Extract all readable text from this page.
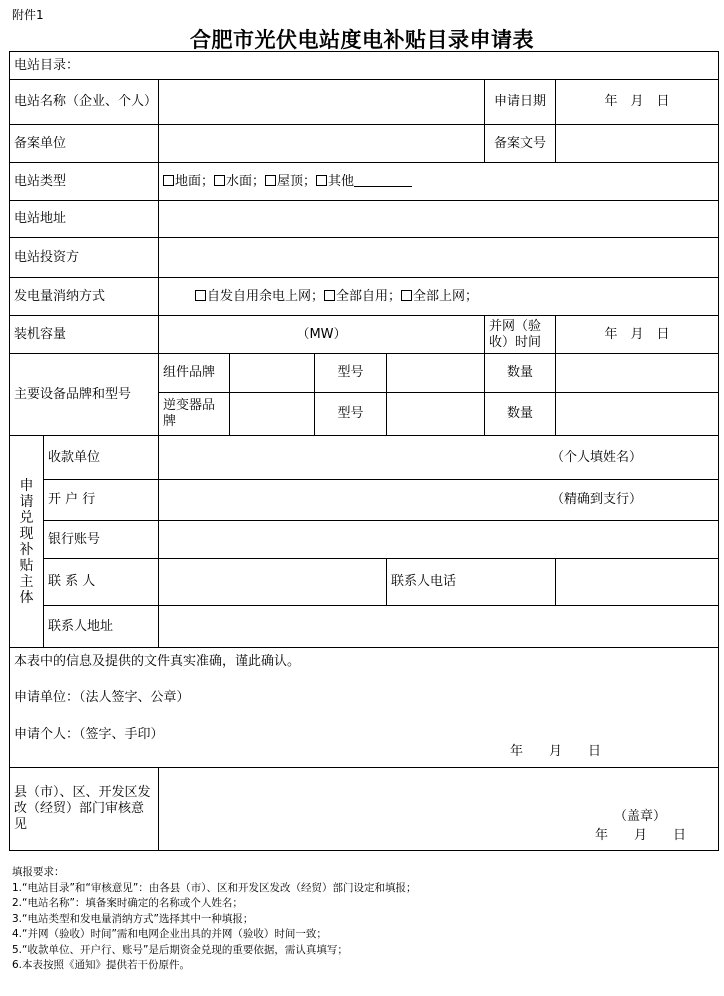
附件1
合肥市光伏电站度电补贴目录申请表
电站目录：							
电站名称（企业、个人）						申请日期	年　月　日
备案单位						备案文号	
电站类型		地面； 水面； 屋顶； 其他					
电站地址							
电站投资方							
发电量消纳方式		自发自用余电上网； 全部自用； 全部上网；					
装机容量		（MW）				并网（验收）时间	年　月　日
主要设备品牌和型号		组件品牌		型号		数量	
		逆变器品牌		型号		数量	

申请兑现补贴主体	收款单位	（个人填姓名）					
	开 户 行	（精确到支行）					
	银行账号						
	联 系 人				联系人电话		
	联系人地址						

本表中的信息及提供的文件真实准确，谨此确认。
申请单位：（法人签字、公章）
申请个人：（签字、手印）
年　　月　　日							

县（市）、区、开发区发改（经贸）部门审核意见		（盖章）
年　　月　　日					
填报要求：
1.“电站目录”和“审核意见”：由各县（市）、区和开发区发改（经贸）部门设定和填报；
2.“电站名称”：填备案时确定的名称或个人姓名；
3.“电站类型和发电量消纳方式”选择其中一种填报；
4.“并网（验收）时间”需和电网企业出具的并网（验收）时间一致；
5.“收款单位、开户行、账号”是后期资金兑现的重要依据，需认真填写；
6.本表按照《通知》提供若干份原件。
